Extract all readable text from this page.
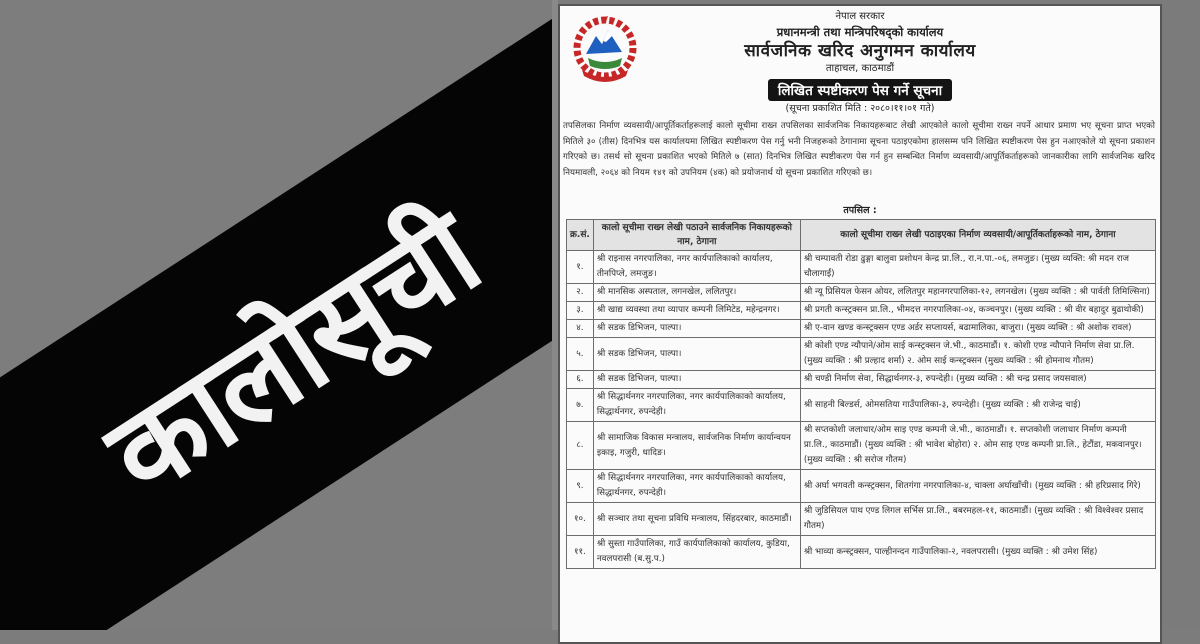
कालोसूची
नेपाल सरकार
प्रधानमन्त्री तथा मन्त्रिपरिषद्को कार्यालय
सार्वजनिक खरिद अनुगमन कार्यालय
ताहाचल, काठमाडौं
लिखित स्पष्टीकरण पेस गर्ने सूचना
(सूचना प्रकाशित मिति : २०८०।११।०१ गते)
तपसिलका निर्माण व्यवसायी/आपूर्तिकर्ताहरूलाई कालो सूचीमा राख्न तपसिलका सार्वजनिक निकायहरूबाट लेखी आएकोले कालो सूचीमा राख्न नपर्ने आधार प्रमाण भए सूचना प्राप्त भएको मितिले ३० (तीस) दिनभित्र यस कार्यालयमा लिखित स्पष्टीकरण पेस गर्नु भनी निजहरूको ठेगानामा सूचना पठाइएकोमा हालसम्म पनि लिखित स्पष्टीकरण पेस हुन नआएकोले यो सूचना प्रकाशन गरिएको छ। तसर्थ सो सूचना प्रकाशित भएको मितिले ७ (सात) दिनभित्र लिखित स्पष्टीकरण पेस गर्न हुन सम्बन्धित निर्माण व्यवसायी/आपूर्तिकर्ताहरूको जानकारीका लागि सार्वजनिक खरिद नियमावली, २०६४ को नियम १४१ को उपनियम (४क) को प्रयोजनार्थ यो सूचना प्रकाशित गरिएको छ।
तपसिल :
क्र.सं.	कालो सूचीमा राख्न लेखी पठाउने सार्वजनिक निकायहरूको नाम, ठेगाना	कालो सूचीमा राख्न लेखी पठाइएका निर्माण व्यवसायी/आपूर्तिकर्ताहरूको नाम, ठेगाना
१.	श्री राइनास नगरपालिका, नगर कार्यपालिकाको कार्यालय, तीनपिप्ले, लमजुङ।	श्री चम्पावती रोडा ढुङ्गा बालुवा प्रशोधन केन्द्र प्रा.लि., रा.न.पा.-०६, लमजुङ। (मुख्य व्यक्ति: श्री मदन राज चौलागाईं)
२.	श्री मानसिक अस्पताल, लगनखेल, ललितपुर।	श्री न्यू प्रिसियल फेसन ओयर, ललितपुर महानगरपालिका-१२, लगनखेल। (मुख्य व्यक्ति : श्री पार्वती तिमिल्सिना)
३.	श्री खाद्य व्यवस्था तथा व्यापार कम्पनी लिमिटेड, महेन्द्रनगर।	श्री प्रगती कन्स्ट्रक्सन प्रा.लि., भीमदत्त नगरपालिका-०४, कञ्चनपुर। (मुख्य व्यक्ति : श्री वीर बहादुर बुढाथोकी)
४.	श्री सडक डिभिजन, पाल्पा।	श्री ए-वान खण्ड कन्स्ट्रक्सन एण्ड अर्डर सप्लायर्स, बढामालिका, बाजुरा। (मुख्य व्यक्ति : श्री अशोक रावल)
५.	श्री सडक डिभिजन, पाल्पा।	श्री कोशी एण्ड न्यौपाने/ओम साई कन्स्ट्रक्सन जे.भी., काठमाडौं। १. कोशी एण्ड न्यौपाने निर्माण सेवा प्रा.लि. (मुख्य व्यक्ति : श्री प्रल्हाद शर्मा) २. ओम साई कन्स्ट्रक्सन (मुख्य व्यक्ति : श्री होमनाथ गौतम)
६.	श्री सडक डिभिजन, पाल्पा।	श्री चण्डी निर्माण सेवा, सिद्धार्थनगर-३, रुपन्देही। (मुख्य व्यक्ति : श्री चन्द्र प्रसाद जयसवाल)
७.	श्री सिद्धार्थनगर नगरपालिका, नगर कार्यपालिकाको कार्यालय, सिद्धार्थनगर, रुपन्देही।	श्री साहनी बिल्डर्स, ओमसतिया गाउँपालिका-३, रुपन्देही। (मुख्य व्यक्ति : श्री राजेन्द्र चाई)
८.	श्री सामाजिक विकास मन्त्रालय, सार्वजनिक निर्माण कार्यान्वयन इकाइ, गजुरी, धादिङ।	श्री सप्तकोशी जलाधार/ओम साइ एण्ड कम्पनी जे.भी., काठमाडौं। १. सप्तकोशी जलाधार निर्माण कम्पनी प्रा.लि., काठमाडौं। (मुख्य व्यक्ति : श्री भावेश बोहोरा) २. ओम साइ एण्ड कम्पनी प्रा.लि., हेटौंडा, मकवानपुर। (मुख्य व्यक्ति : श्री सरोज गौतम)
९.	श्री सिद्धार्थनगर नगरपालिका, नगर कार्यपालिकाको कार्यालय, सिद्धार्थनगर, रुपन्देही।	श्री अर्घा भगवती कन्स्ट्रक्सन, शितगंगा नगरपालिका-४, चाक्ला अर्घाखाँची। (मुख्य व्यक्ति : श्री हरिप्रसाद गिरे)
१०.	श्री सञ्चार तथा सूचना प्रविधि मन्त्रालय, सिंहदरबार, काठमाडौं।	श्री जुडिसियल पाथ एण्ड लिगल सर्भिस प्रा.लि., बबरमहल-११, काठमाडौं। (मुख्य व्यक्ति : श्री विश्वेश्वर प्रसाद गौतम)
११.	श्री सुस्ता गाउँपालिका, गाउँ कार्यपालिकाको कार्यालय, कुडिया, नवलपरासी (ब.सु.प.)	श्री भाव्या कन्स्ट्रक्सन, पाल्हीनन्दन गाउँपालिका-२, नवलपरासी। (मुख्य व्यक्ति : श्री उमेश सिंह)
